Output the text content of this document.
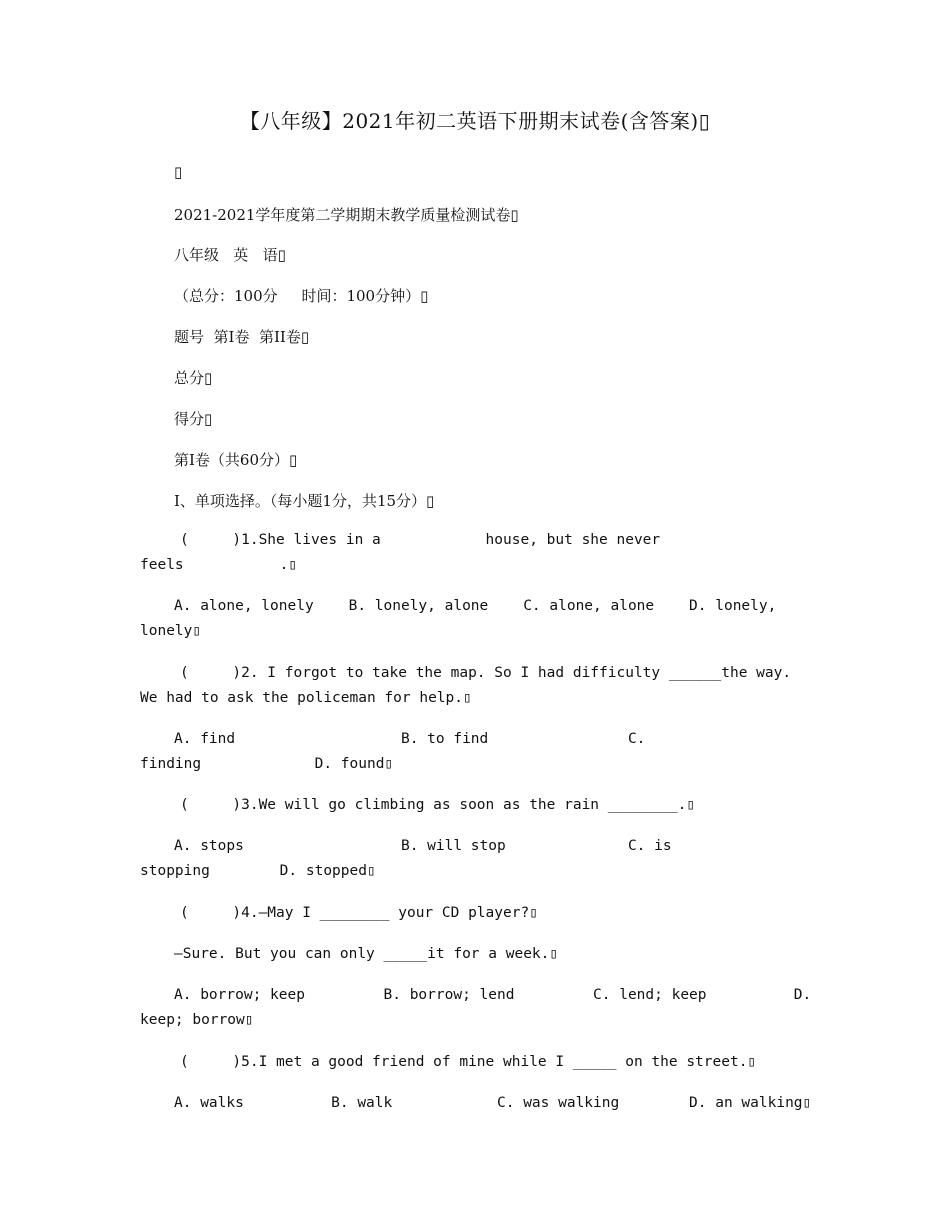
【八年级】2021年初二英语下册期末试卷(含答案)▯
▯
2021-2021学年度第二学期期末教学质量检测试卷▯
八年级   英   语▯
（总分：100分     时间：100分钟）▯
题号  第Ⅰ卷  第II卷▯
总分▯
得分▯
第Ⅰ卷（共60分）▯
Ⅰ、单项选择。（每小题1分，共15分）▯
(     )1.She lives in a            house, but she never
feels           .▯
A. alone, lonely    B. lonely, alone    C. alone, alone    D. lonely,
lonely▯
(     )2. I forgot to take the map. So I had difficulty ______the way.
We had to ask the policeman for help.▯
A. find                   B. to find                C.
finding             D. found▯
(     )3.We will go climbing as soon as the rain ________.▯
A. stops                  B. will stop              C. is
stopping        D. stopped▯
(     )4.—May I ________ your CD player?▯
—Sure. But you can only _____it for a week.▯
A. borrow; keep         B. borrow; lend         C. lend; keep          D.
keep; borrow▯
(     )5.I met a good friend of mine while I _____ on the street.▯
A. walks          B. walk            C. was walking        D. an walking▯
